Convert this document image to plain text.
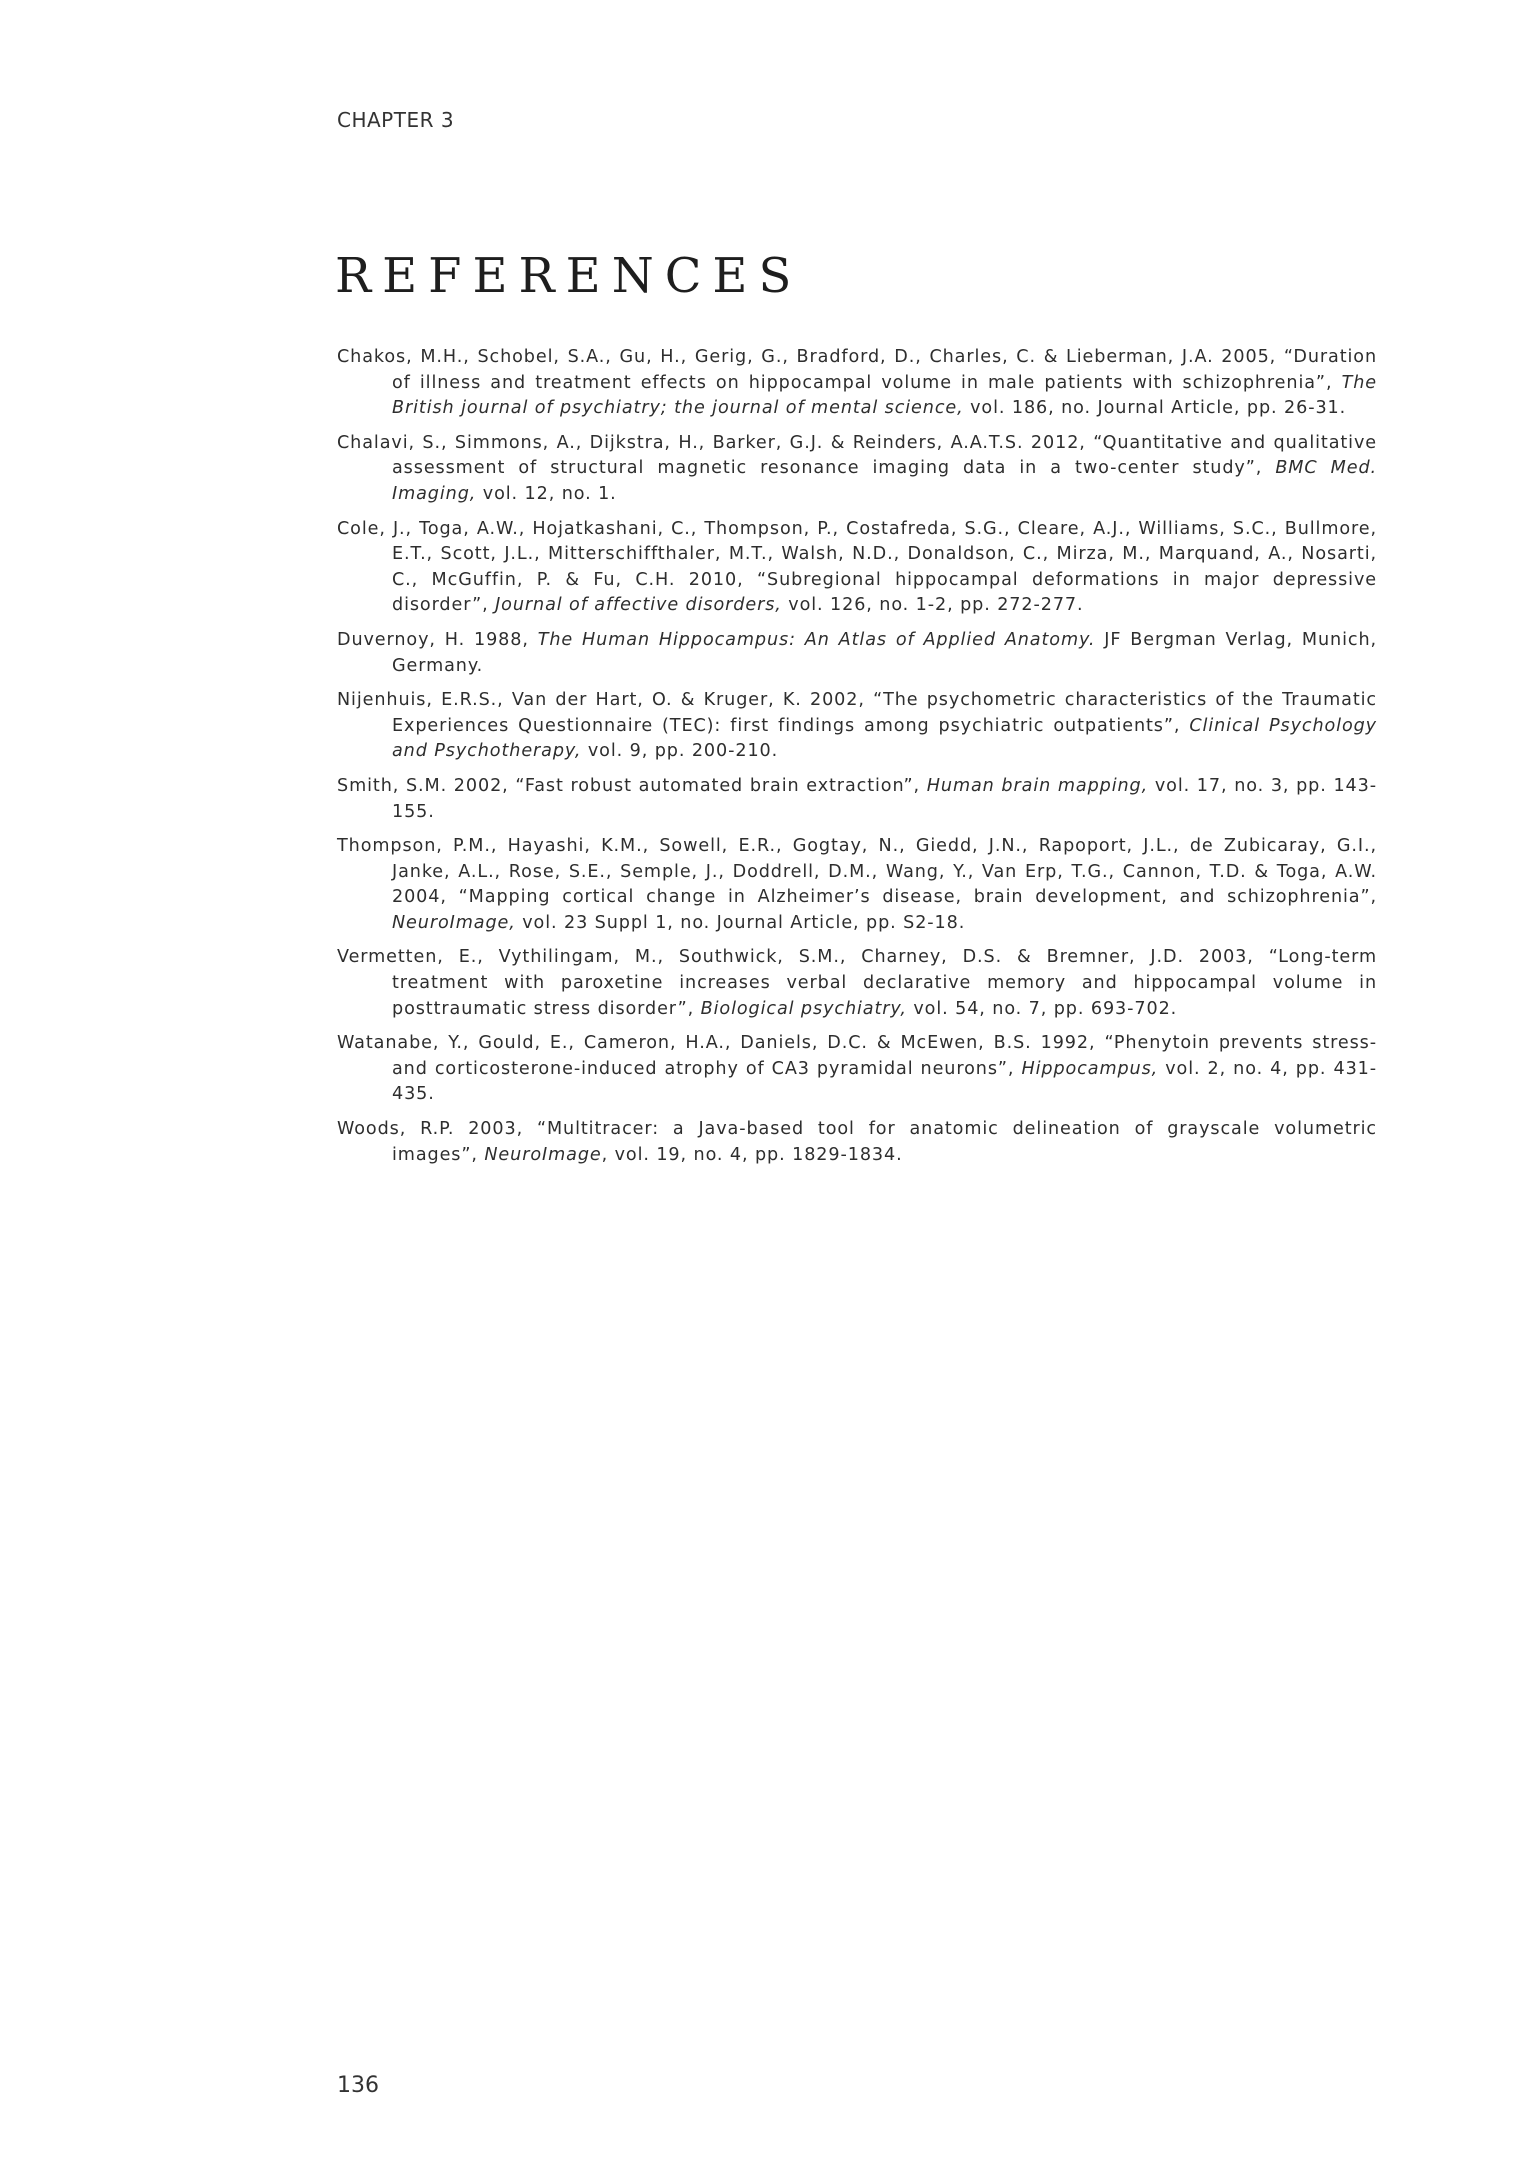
CHAPTER 3
REFERENCES
Chakos, M.H., Schobel, S.A., Gu, H., Gerig, G., Bradford, D., Charles, C. & Lieberman, J.A. 2005, “Duration of illness and treatment effects on hippocampal volume in male patients with schizophrenia”, The British journal of psychiatry; the journal of mental science, vol. 186, no. Journal Article, pp. 26-31.
Chalavi, S., Simmons, A., Dijkstra, H., Barker, G.J. & Reinders, A.A.T.S. 2012, “Quantitative and qualitative assessment of structural magnetic resonance imaging data in a two-center study”, BMC Med. Imaging, vol. 12, no. 1.
Cole, J., Toga, A.W., Hojatkashani, C., Thompson, P., Costafreda, S.G., Cleare, A.J., Williams, S.C., Bullmore, E.T., Scott, J.L., Mitterschiffthaler, M.T., Walsh, N.D., Donaldson, C., Mirza, M., Marquand, A., Nosarti, C., McGuffin, P. & Fu, C.H. 2010, “Subregional hippocampal deformations in major depressive disorder”, Journal of affective disorders, vol. 126, no. 1-2, pp. 272-277.
Duvernoy, H. 1988, The Human Hippocampus: An Atlas of Applied Anatomy. JF Bergman Verlag, Munich, Germany.
Nijenhuis, E.R.S., Van der Hart, O. & Kruger, K. 2002, “The psychometric characteristics of the Traumatic Experiences Questionnaire (TEC): first findings among psychiatric outpatients”, Clinical Psychology and Psychotherapy, vol. 9, pp. 200-210.
Smith, S.M. 2002, “Fast robust automated brain extraction”, Human brain mapping, vol. 17, no. 3, pp. 143-155.
Thompson, P.M., Hayashi, K.M., Sowell, E.R., Gogtay, N., Giedd, J.N., Rapoport, J.L., de Zubicaray, G.I., Janke, A.L., Rose, S.E., Semple, J., Doddrell, D.M., Wang, Y., Van Erp, T.G., Cannon, T.D. & Toga, A.W. 2004, “Mapping cortical change in Alzheimer’s disease, brain development, and schizophrenia”, NeuroImage, vol. 23 Suppl 1, no. Journal Article, pp. S2-18.
Vermetten, E., Vythilingam, M., Southwick, S.M., Charney, D.S. & Bremner, J.D. 2003, “Long-term treatment with paroxetine increases verbal declarative memory and hippocampal volume in posttraumatic stress disorder”, Biological psychiatry, vol. 54, no. 7, pp. 693-702.
Watanabe, Y., Gould, E., Cameron, H.A., Daniels, D.C. & McEwen, B.S. 1992, “Phenytoin prevents stress-and corticosterone-induced atrophy of CA3 pyramidal neurons”, Hippocampus, vol. 2, no. 4, pp. 431-435.
Woods, R.P. 2003, “Multitracer: a Java-based tool for anatomic delineation of grayscale volumetric images”, NeuroImage, vol. 19, no. 4, pp. 1829-1834.
136
